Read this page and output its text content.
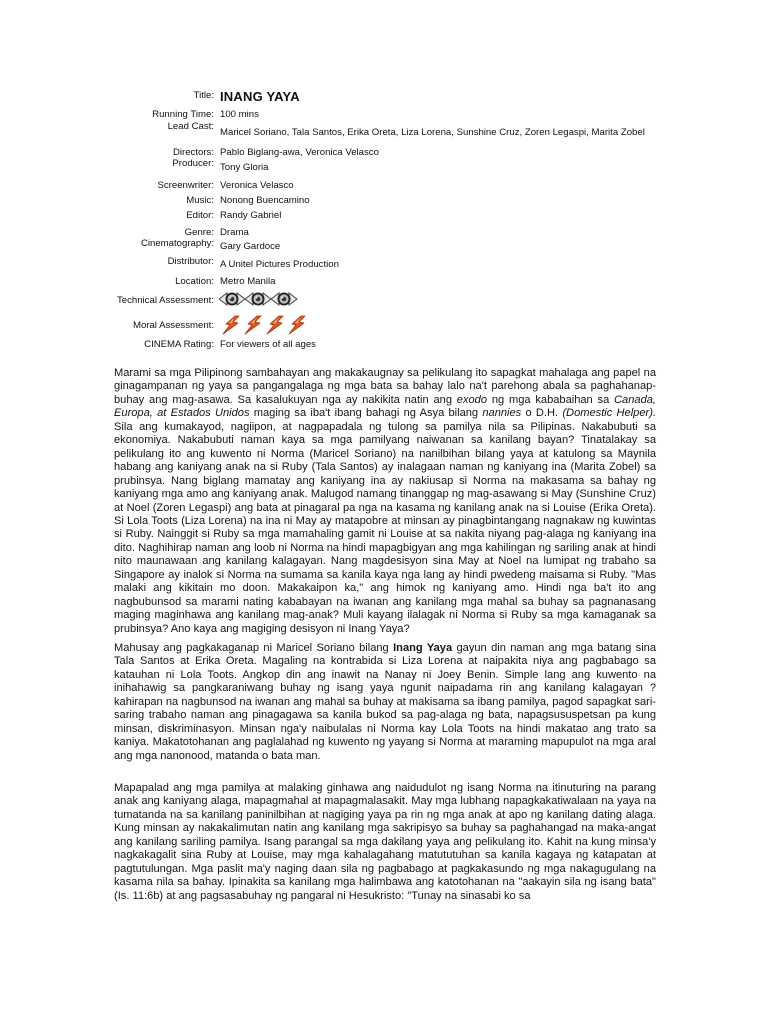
Title: INANG YAYA
Running Time: 100 mins
Lead Cast:
Maricel Soriano, Tala Santos, Erika Oreta, Liza Lorena, Sunshine Cruz, Zoren Legaspi, Marita Zobel
Directors: Pablo Biglang-awa, Veronica Velasco
Producer: Tony Gloria
Screenwriter: Veronica Velasco
Music: Nonong Buencamino
Editor: Randy Gabriel
Genre: Drama
Cinematography: Gary Gardoce
Distributor: A Unitel Pictures Production
Location: Metro Manila
Technical Assessment:
Moral Assessment:
CINEMA Rating: For viewers of all ages

Marami sa mga Pilipinong sambahayan ang makakaugnay sa pelikulang ito sapagkat mahalaga ang papel na ginagampanan ng yaya sa pangangalaga ng mga bata sa bahay lalo na't parehong abala sa paghahanap-buhay ang mag-asawa. Sa kasalukuyan nga ay nakikita natin ang exodo ng mga kababaihan sa Canada, Europa, at Estados Unidos maging sa iba't ibang bahagi ng Asya bilang nannies o D.H. (Domestic Helper). Sila ang kumakayod, nagiipon, at nagpapadala ng tulong sa pamilya nila sa Pilipinas. Nakabubuti sa ekonomiya. Nakabubuti naman kaya sa mga pamilyang naiwanan sa kanilang bayan? Tinatalakay sa pelikulang ito ang kuwento ni Norma (Maricel Soriano) na nanilbihan bilang yaya at katulong sa Maynila habang ang kaniyang anak na si Ruby (Tala Santos) ay inalagaan naman ng kaniyang ina (Marita Zobel) sa prubinsya. Nang biglang mamatay ang kaniyang ina ay nakiusap si Norma na makasama sa bahay ng kaniyang mga amo ang kaniyang anak. Malugod namang tinanggap ng mag-asawang si May (Sunshine Cruz) at Noel (Zoren Legaspi) ang bata at pinagaral pa nga na kasama ng kanilang anak na si Louise (Erika Oreta). Si Lola Toots (Liza Lorena) na ina ni May ay matapobre at minsan ay pinagbintangang nagnakaw ng kuwintas si Ruby. Nainggit si Ruby sa mga mamahaling gamit ni Louise at sa nakita niyang pag-alaga ng kaniyang ina dito. Naghihirap naman ang loob ni Norma na hindi mapagbigyan ang mga kahilingan ng sariling anak at hindi nito maunawaan ang kanilang kalagayan. Nang magdesisyon sina May at Noel na lumipat ng trabaho sa Singapore ay inalok si Norma na sumama sa kanila kaya nga lang ay hindi pwedeng maisama si Ruby. "Mas malaki ang kikitain mo doon. Makakaipon ka," ang himok ng kaniyang amo. Hindi nga ba't ito ang nagbubunsod sa marami nating kababayan na iwanan ang kanilang mga mahal sa buhay sa pagnanasang maging maginhawa ang kanilang mag-anak? Muli kayang ilalagak ni Norma si Ruby sa mga kamaganak sa prubinsya? Ano kaya ang magiging desisyon ni Inang Yaya?

Mahusay ang pagkakaganap ni Maricel Soriano bilang Inang Yaya gayun din naman ang mga batang sina Tala Santos at Erika Oreta. Magaling na kontrabida si Liza Lorena at naipakita niya ang pagbabago sa katauhan ni Lola Toots. Angkop din ang inawit na Nanay ni Joey Benin. Simple lang ang kuwento na inihahawig sa pangkaraniwang buhay ng isang yaya ngunit naipadama rin ang kanilang kalagayan ? kahirapan na nagbunsod na iwanan ang mahal sa buhay at makisama sa ibang pamilya, pagod sapagkat sari-saring trabaho naman ang pinagagawa sa kanila bukod sa pag-alaga ng bata, napagsususpetsan pa kung minsan, diskriminasyon. Minsan nga'y naibulalas ni Norma kay Lola Toots na hindi makatao ang trato sa kaniya. Makatotohanan ang paglalahad ng kuwento ng yayang si Norma at maraming mapupulot na mga aral ang mga nanonood, matanda o bata man.

Mapapalad ang mga pamilya at malaking ginhawa ang naidudulot ng isang Norma na itinuturing na parang anak ang kaniyang alaga, mapagmahal at mapagmalasakit. May mga lubhang napagkakatiwalaan na yaya na tumatanda na sa kanilang paninilbihan at nagiging yaya pa rin ng mga anak at apo ng kanilang dating alaga. Kung minsan ay nakakalimutan natin ang kanilang mga sakripisyo sa buhay sa paghahangad na maka-angat ang kanilang sariling pamilya. Isang parangal sa mga dakilang yaya ang pelikulang ito. Kahit na kung minsa'y nagkakagalit sina Ruby at Louise, may mga kahalagahang matututuhan sa kanila kagaya ng katapatan at pagtutulungan. Mga paslit ma'y naging daan sila ng pagbabago at pagkakasundo ng mga nakagugulang na kasama nila sa bahay. Ipinakita sa kanilang mga halimbawa ang katotohanan na "aakayin sila ng isang bata" (Is. 11:6b) at ang pagsasabuhay ng pangaral ni Hesukristo: "Tunay na sinasabi ko sa
